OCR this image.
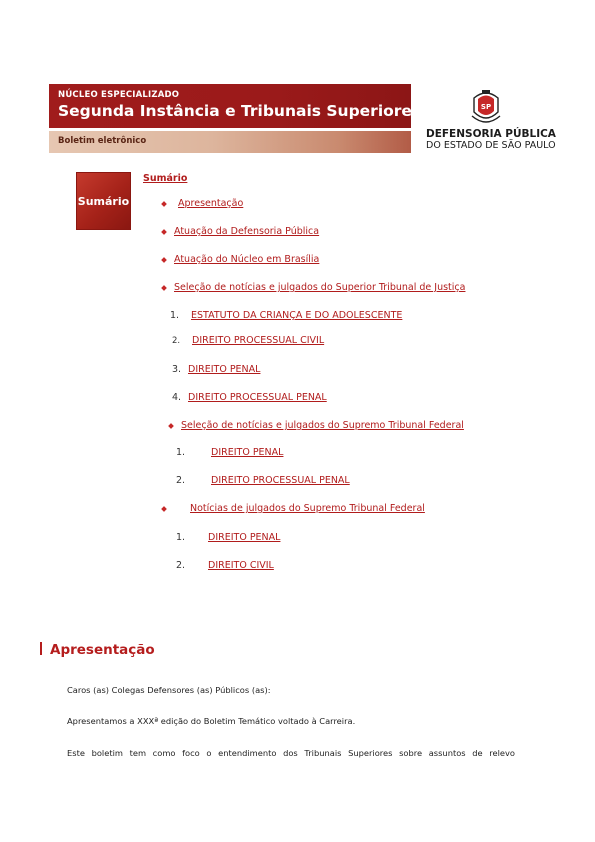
NÚCLEO ESPECIALIZADO
Segunda Instância e Tribunais Superiores
Boletim eletrônico
SP
DEFENSORIA PÚBLICA
DO ESTADO DE SÃO PAULO
Sumário
Sumário
Apresentação
Atuação da Defensoria Pública
Atuação do Núcleo em Brasília
Seleção de notícias e julgados do Superior Tribunal de Justiça
1.	ESTATUTO DA CRIANÇA E DO ADOLESCENTE
2.	DIREITO PROCESSUAL CIVIL
3. DIREITO PENAL
4. DIREITO PROCESSUAL PENAL
Seleção de notícias e julgados do Supremo Tribunal Federal
1.	DIREITO PENAL
2.	DIREITO PROCESSUAL PENAL
Notícias de julgados do Supremo Tribunal Federal
1.	DIREITO PENAL
2.	DIREITO CIVIL
Apresentação
Caros (as) Colegas Defensores (as) Públicos (as):
Apresentamos a XXXª edição do Boletim Temático voltado à Carreira.
Este boletim tem como foco o entendimento dos Tribunais Superiores sobre assuntos de relevo
